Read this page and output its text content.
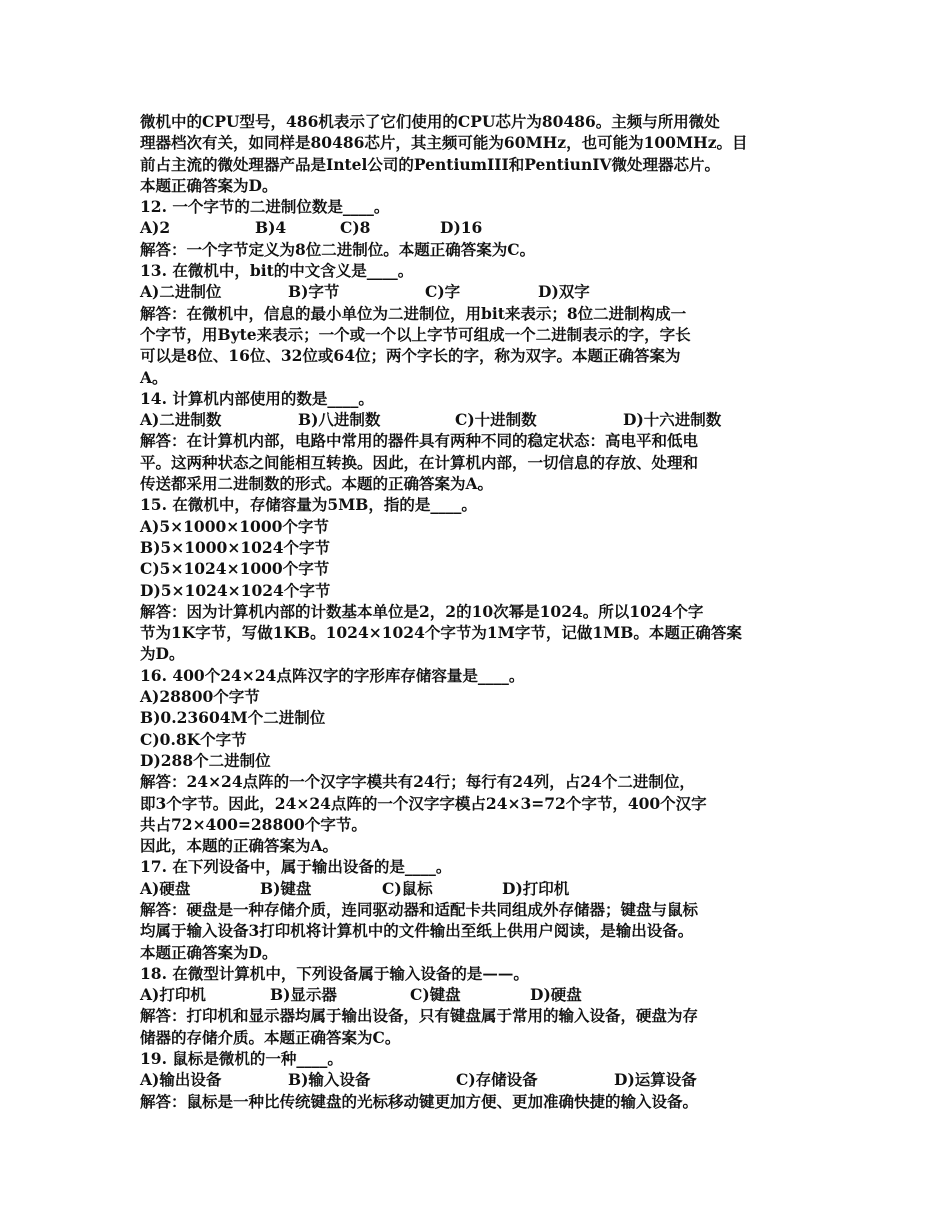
微机中的CPU型号，486机表示了它们使用的CPU芯片为80486。主频与所用微处
理器档次有关，如同样是80486芯片，其主频可能为60MHz，也可能为100MHz。目
前占主流的微处理器产品是Intel公司的PentiumIII和PentiunIV微处理器芯片。
本题正确答案为D。
12. 一个字节的二进制位数是____。
A)2	B)4	C)8	D)16
解答：一个字节定义为8位二进制位。本题正确答案为C。
13. 在微机中，bit的中文含义是____。
A)二进制位	B)字节	C)字	D)双字
解答：在微机中，信息的最小单位为二进制位，用bit来表示；8位二进制构成一
个字节，用Byte来表示；一个或一个以上字节可组成一个二进制表示的字，字长
可以是8位、16位、32位或64位；两个字长的字，称为双字。本题正确答案为
A。
14. 计算机内部使用的数是____。
A)二进制数	B)八进制数	C)十进制数	D)十六进制数
解答：在计算机内部，电路中常用的器件具有两种不同的稳定状态：高电平和低电
平。这两种状态之间能相互转换。因此，在计算机内部，一切信息的存放、处理和
传送都采用二进制数的形式。本题的正确答案为A。
15. 在微机中，存储容量为5MB，指的是____。
A)5×1000×1000个字节
B)5×1000×1024个字节
C)5×1024×1000个字节
D)5×1024×1024个字节
解答：因为计算机内部的计数基本单位是2，2的10次幂是1024。所以1024个字
节为1K字节，写做1KB。1024×1024个字节为1M字节，记做1MB。本题正确答案
为D。
16. 400个24×24点阵汉字的字形库存储容量是____。
A)28800个字节
B)0.23604M个二进制位
C)0.8K个字节
D)288个二进制位
解答：24×24点阵的一个汉字字模共有24行；每行有24列，占24个二进制位，
即3个字节。因此，24×24点阵的一个汉字字模占24×3=72个字节，400个汉字
共占72×400=28800个字节。
因此，本题的正确答案为A。
17. 在下列设备中，属于输出设备的是____。
A)硬盘	B)键盘	C)鼠标	D)打印机
解答：硬盘是一种存储介质，连同驱动器和适配卡共同组成外存储器；键盘与鼠标
均属于输入设备3打印机将计算机中的文件输出至纸上供用户阅读，是输出设备。
本题正确答案为D。
18. 在微型计算机中，下列设备属于输入设备的是——。
A)打印机	B)显示器	C)键盘	D)硬盘
解答：打印机和显示器均属于输出设备，只有键盘属于常用的输入设备，硬盘为存
储器的存储介质。本题正确答案为C。
19. 鼠标是微机的一种____。
A)输出设备	B)输入设备	C)存储设备	D)运算设备
解答：鼠标是一种比传统键盘的光标移动键更加方便、更加准确快捷的输入设备。
